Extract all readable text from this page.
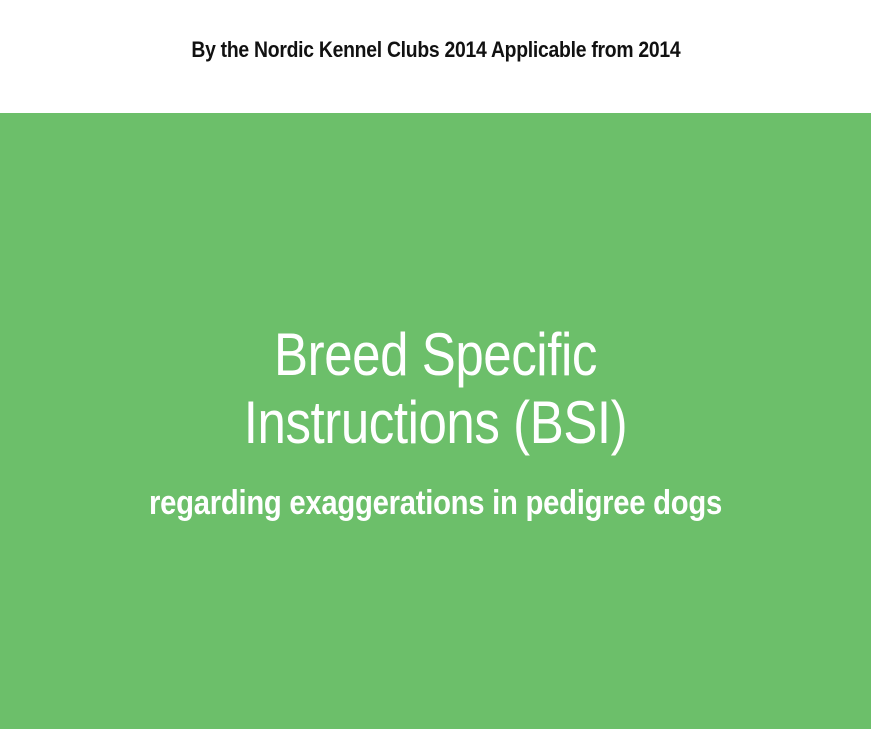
By the Nordic Kennel Clubs 2014 Applicable from 2014
Breed Specific
Instructions (BSI)
regarding exaggerations in pedigree dogs
